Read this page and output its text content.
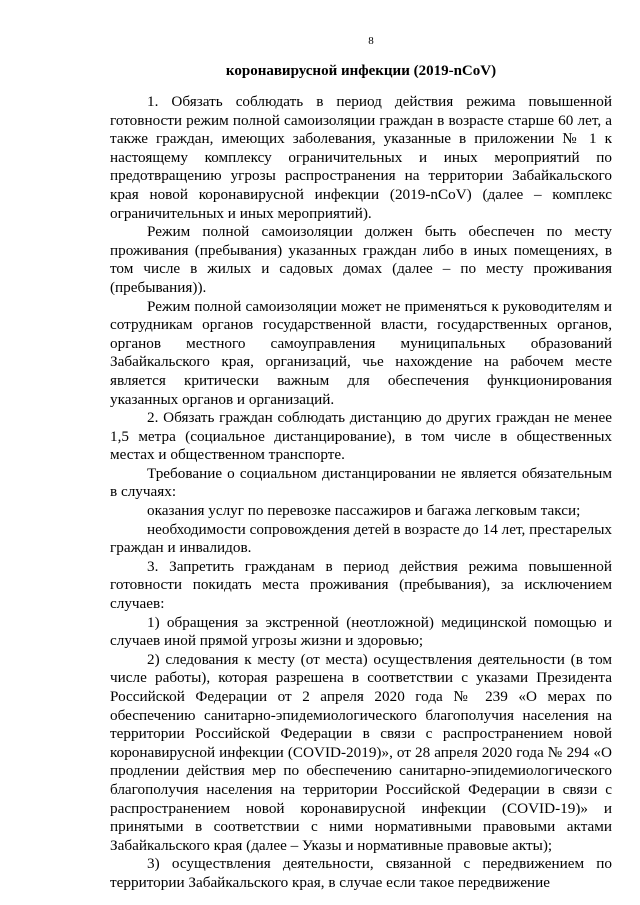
8
коронавирусной инфекции (2019-nCoV)

1. Обязать соблюдать в период действия режима повышенной готовности режим полной самоизоляции граждан в возрасте старше 60 лет, а также граждан, имеющих заболевания, указанные в приложении № 1 к настоящему комплексу ограничительных и иных мероприятий по предотвращению угрозы распространения на территории Забайкальского края новой коронавирусной инфекции (2019-nCoV) (далее – комплекс ограничительных и иных мероприятий).

Режим полной самоизоляции должен быть обеспечен по месту проживания (пребывания) указанных граждан либо в иных помещениях, в том числе в жилых и садовых домах (далее – по месту проживания (пребывания)).

Режим полной самоизоляции может не применяться к руководителям и сотрудникам органов государственной власти, государственных органов, органов местного самоуправления муниципальных образований Забайкальского края, организаций, чье нахождение на рабочем месте является критически важным для обеспечения функционирования указанных органов и организаций.

2. Обязать граждан соблюдать дистанцию до других граждан не менее 1,5 метра (социальное дистанцирование), в том числе в общественных местах и общественном транспорте.

Требование о социальном дистанцировании не является обязательным в случаях:

оказания услуг по перевозке пассажиров и багажа легковым такси;

необходимости сопровождения детей в возрасте до 14 лет, престарелых граждан и инвалидов.

3. Запретить гражданам в период действия режима повышенной готовности покидать места проживания (пребывания), за исключением случаев:

1) обращения за экстренной (неотложной) медицинской помощью и случаев иной прямой угрозы жизни и здоровью;

2) следования к месту (от места) осуществления деятельности (в том числе работы), которая разрешена в соответствии с указами Президента Российской Федерации от 2 апреля 2020 года № 239 «О мерах по обеспечению санитарно-эпидемиологического благополучия населения на территории Российской Федерации в связи с распространением новой коронавирусной инфекции (COVID-2019)», от 28 апреля 2020 года № 294 «О продлении действия мер по обеспечению санитарно-эпидемиологического благополучия населения на территории Российской Федерации в связи с распространением новой коронавирусной инфекции (COVID-19)» и принятыми в соответствии с ними нормативными правовыми актами Забайкальского края (далее – Указы и нормативные правовые акты);

3) осуществления деятельности, связанной с передвижением по территории Забайкальского края, в случае если такое передвижение
